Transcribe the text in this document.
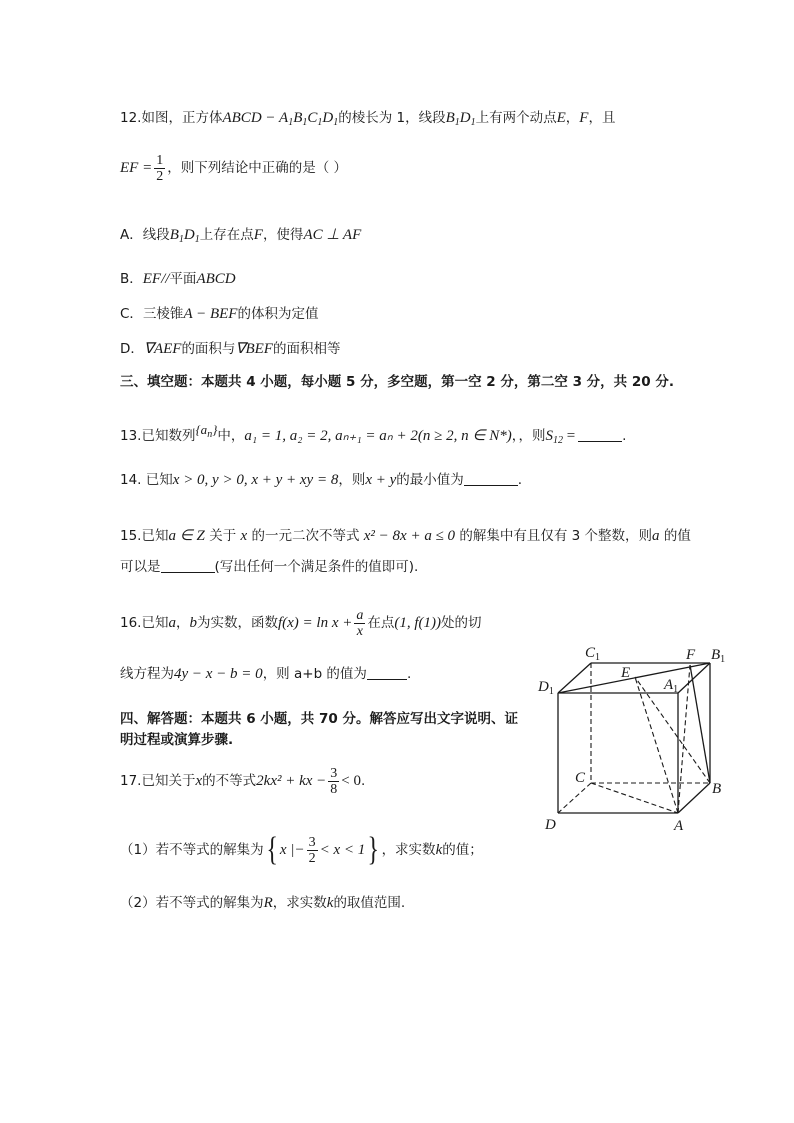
12.如图，正方体ABCD − $A_1B_1C_1D_1$的棱长为 1，线段$B_1D_1$上有两个动点E，F，且
EF = $\frac{1}{2}$ ，则下列结论中正确的是（ ）
A．线段$B_1D_1$上存在点F，使得AC ⊥ AF
B．EF//平面ABCD
C．三棱锥A − BEF的体积为定值
D．∇AEF的面积与∇BEF的面积相等
三、填空题：本题共 4 小题，每小题 5 分，多空题，第一空 2 分，第二空 3 分，共 20 分.
13.已知数列$\{a_n\}$中，a₁ = 1, a₂ = 2, aₙ₊₁ = aₙ + 2(n ≥ 2, n ∈ N*)，，则$S_{12}$ =	.
14. 已知x > 0, y > 0, x + y + xy = 8，则x + y的最小值为	.
15.已知a ∈ Z 关于 x 的一元二次不等式 x² − 8x + a ≤ 0 的解集中有且仅有 3 个整数，则a 的值
可以是	(写出任何一个满足条件的值即可).
16.已知a，b为实数，函数$f(x) = \ln x + \frac{a}{x}$ 在点(1, f(1))处的切
线方程为4y − x − b = 0，则 a+b 的值为	.
四、解答题：本题共 6 小题，共 70 分。解答应写出文字说明、证
明过程或演算步骤.
17.已知关于x的不等式2kx² + kx − $\frac{3}{8} < 0$.
（1）若不等式的解集为{ x |− $\frac{3}{2} < x < 1$} ，求实数k的值；
（2）若不等式的解集为R，求实数k的取值范围.
$C_1$	$B_1$
$D_1$	$A_1$
E
F
C
B
D	A
